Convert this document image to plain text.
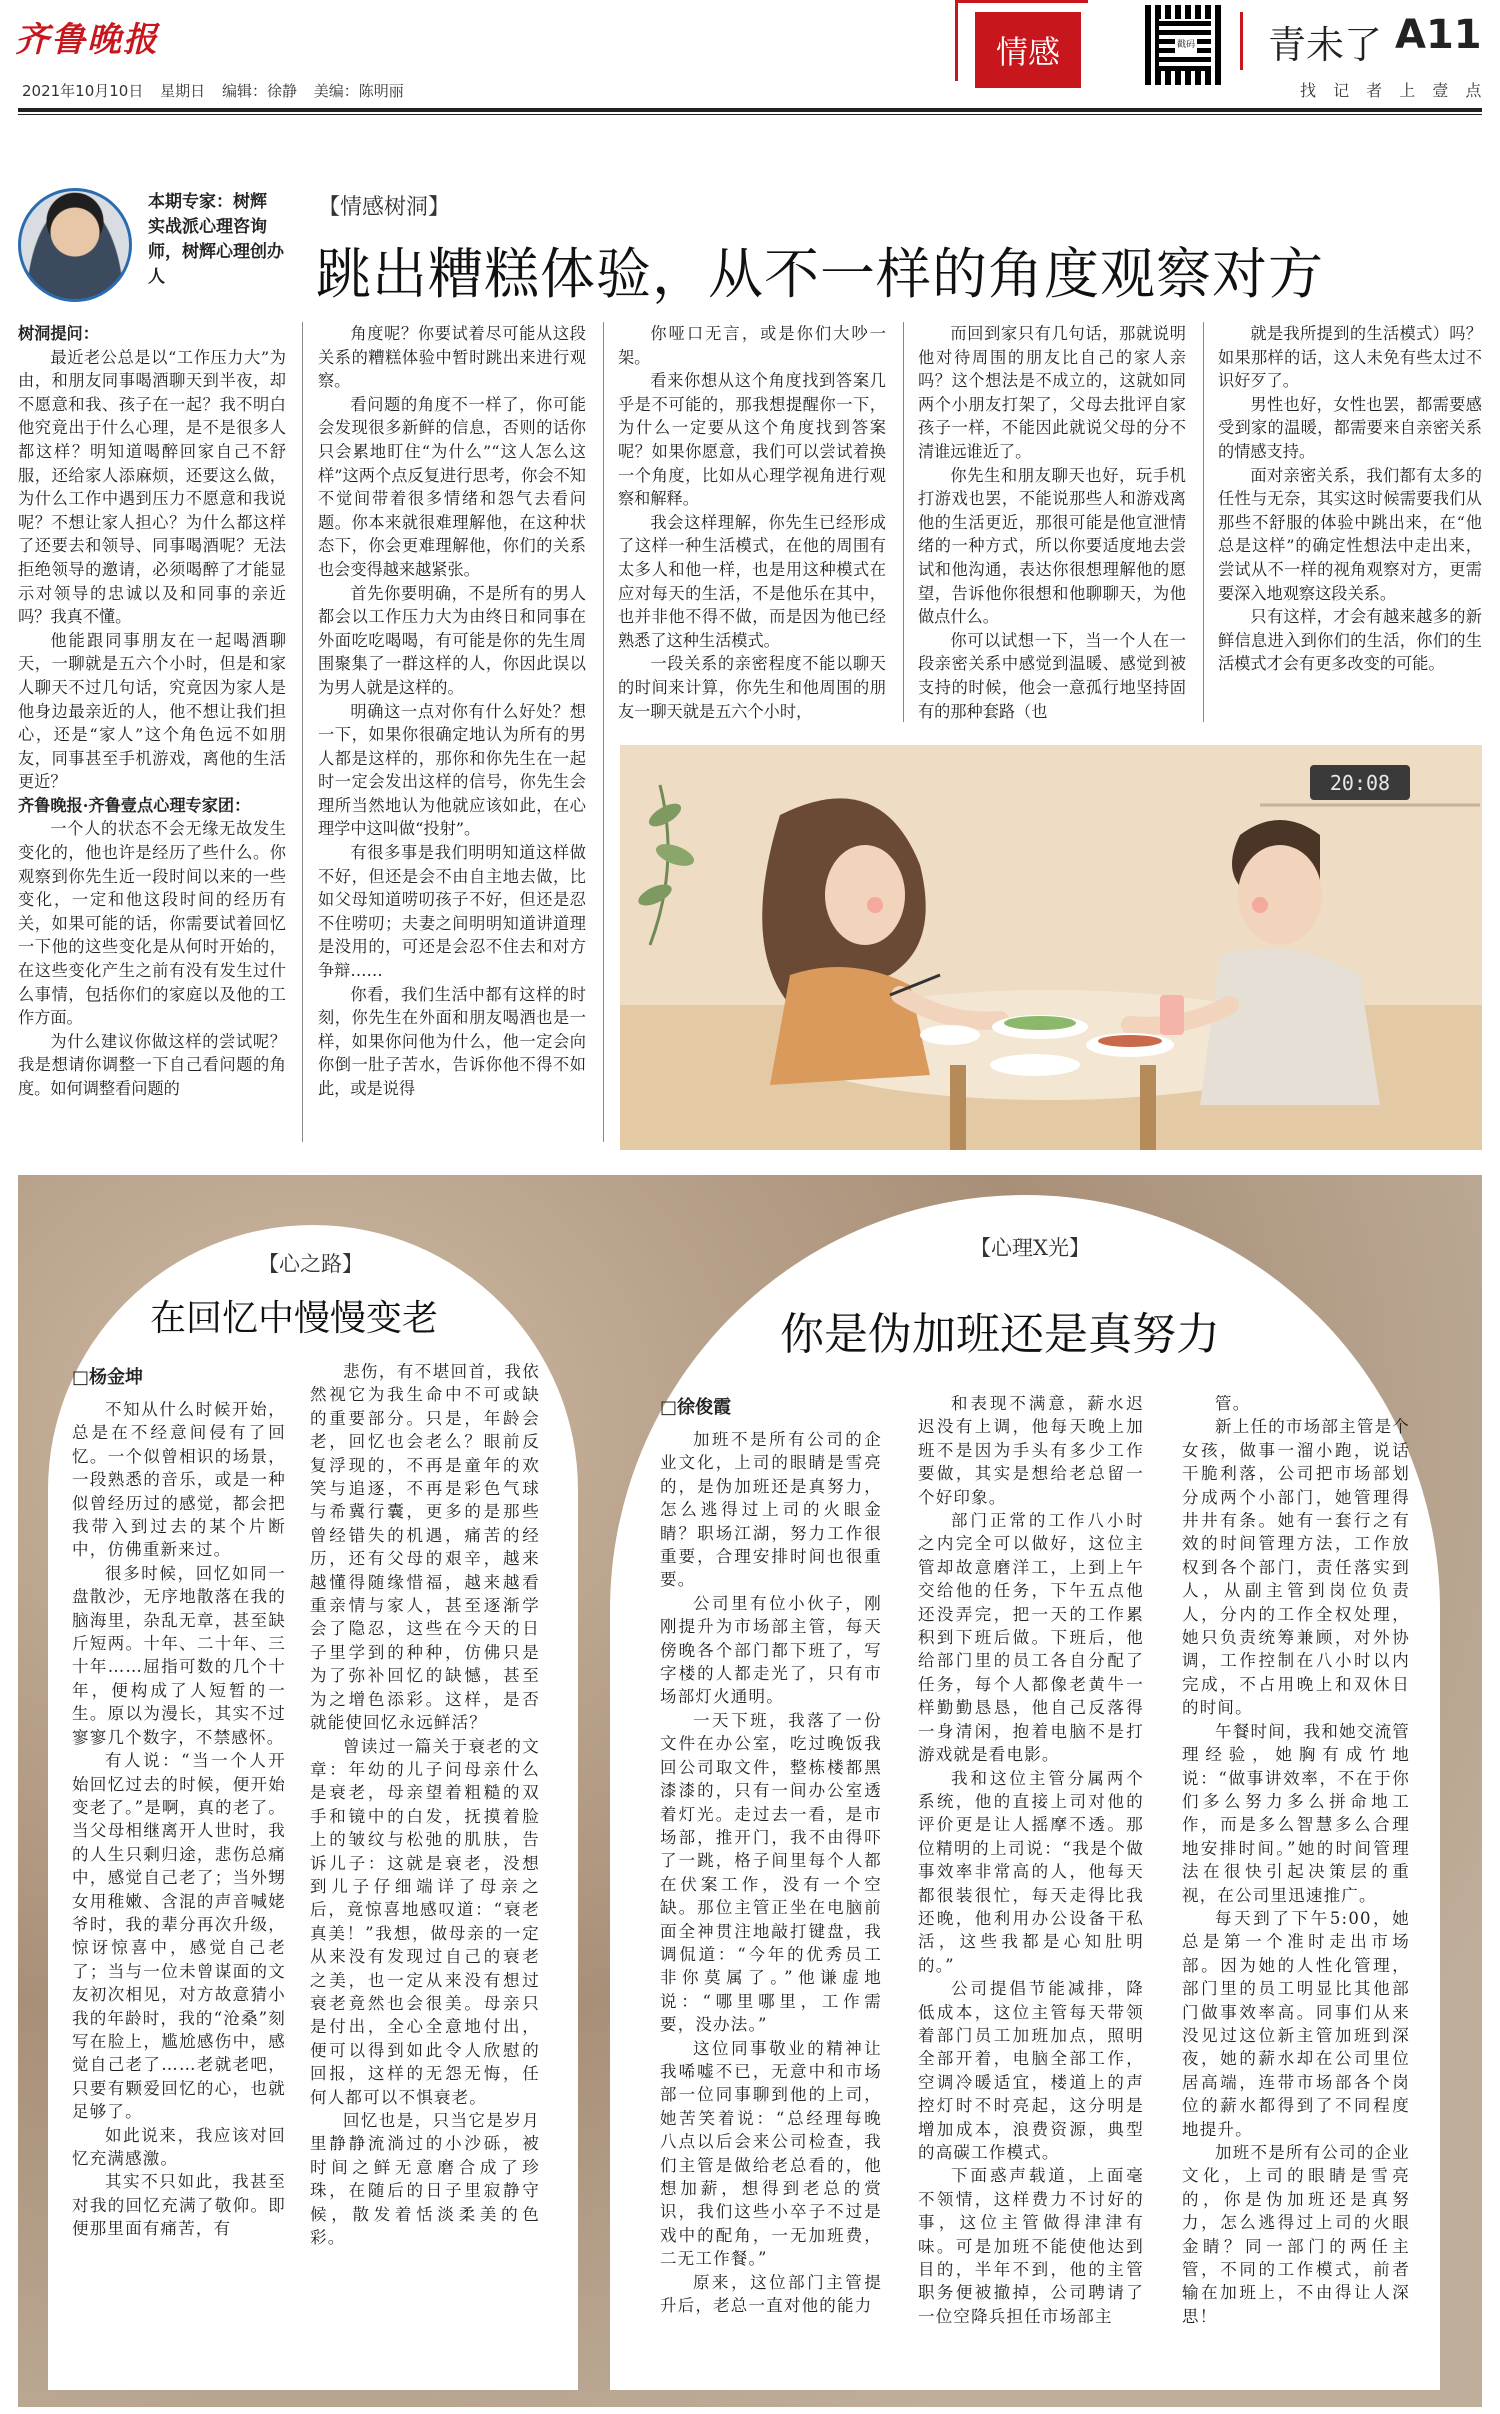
齐鲁晚报
2021年10月10日 星期日 编辑：徐静 美编：陈明丽
情感	戳码 青未了 A11
找 记 者 上 壹 点
本期专家：树辉 实战派心理咨询师，树辉心理创办人
【情感树洞】
跳出糟糕体验，从不一样的角度观察对方

树洞提问：

最近老公总是以“工作压力大”为由，和朋友同事喝酒聊天到半夜，却不愿意和我、孩子在一起？我不明白他究竟出于什么心理，是不是很多人都这样？明知道喝醉回家自己不舒服，还给家人添麻烦，还要这么做，为什么工作中遇到压力不愿意和我说呢？不想让家人担心？为什么都这样了还要去和领导、同事喝酒呢？无法拒绝领导的邀请，必须喝醉了才能显示对领导的忠诚以及和同事的亲近吗？我真不懂。

他能跟同事朋友在一起喝酒聊天，一聊就是五六个小时，但是和家人聊天不过几句话，究竟因为家人是他身边最亲近的人，他不想让我们担心，还是“家人”这个角色远不如朋友，同事甚至手机游戏，离他的生活更近？

齐鲁晚报·齐鲁壹点心理专家团：

一个人的状态不会无缘无故发生变化的，他也许是经历了些什么。你观察到你先生近一段时间以来的一些变化，一定和他这段时间的经历有关，如果可能的话，你需要试着回忆一下他的这些变化是从何时开始的，在这些变化产生之前有没有发生过什么事情，包括你们的家庭以及他的工作方面。

为什么建议你做这样的尝试呢？我是想请你调整一下自己看问题的角度。如何调整看问题的

角度呢？你要试着尽可能从这段关系的糟糕体验中暂时跳出来进行观察。

看问题的角度不一样了，你可能会发现很多新鲜的信息，否则的话你只会累地盯住“为什么”“这人怎么这样”这两个点反复进行思考，你会不知不觉间带着很多情绪和怨气去看问题。你本来就很难理解他，在这种状态下，你会更难理解他，你们的关系也会变得越来越紧张。

首先你要明确，不是所有的男人都会以工作压力大为由终日和同事在外面吃吃喝喝，有可能是你的先生周围聚集了一群这样的人，你因此误以为男人就是这样的。

明确这一点对你有什么好处？想一下，如果你很确定地认为所有的男人都是这样的，那你和你先生在一起时一定会发出这样的信号，你先生会理所当然地认为他就应该如此，在心理学中这叫做“投射”。

有很多事是我们明明知道这样做不好，但还是会不由自主地去做，比如父母知道唠叨孩子不好，但还是忍不住唠叨；夫妻之间明明知道讲道理是没用的，可还是会忍不住去和对方争辩……

你看，我们生活中都有这样的时刻，你先生在外面和朋友喝酒也是一样，如果你问他为什么，他一定会向你倒一肚子苦水，告诉你他不得不如此，或是说得

你哑口无言，或是你们大吵一架。

看来你想从这个角度找到答案几乎是不可能的，那我想提醒你一下，为什么一定要从这个角度找到答案呢？如果你愿意，我们可以尝试着换一个角度，比如从心理学视角进行观察和解释。

我会这样理解，你先生已经形成了这样一种生活模式，在他的周围有太多人和他一样，也是用这种模式在应对每天的生活，不是他乐在其中，也并非他不得不做，而是因为他已经熟悉了这种生活模式。

一段关系的亲密程度不能以聊天的时间来计算，你先生和他周围的朋友一聊天就是五六个小时，

而回到家只有几句话，那就说明他对待周围的朋友比自己的家人亲吗？这个想法是不成立的，这就如同两个小朋友打架了，父母去批评自家孩子一样，不能因此就说父母的分不清谁远谁近了。

你先生和朋友聊天也好，玩手机打游戏也罢，不能说那些人和游戏离他的生活更近，那很可能是他宣泄情绪的一种方式，所以你要适度地去尝试和他沟通，表达你很想理解他的愿望，告诉他你很想和他聊聊天，为他做点什么。

你可以试想一下，当一个人在一段亲密关系中感觉到温暖、感觉到被支持的时候，他会一意孤行地坚持固有的那种套路（也

就是我所提到的生活模式）吗？如果那样的话，这人未免有些太过不识好歹了。

男性也好，女性也罢，都需要感受到家的温暖，都需要来自亲密关系的情感支持。

面对亲密关系，我们都有太多的任性与无奈，其实这时候需要我们从那些不舒服的体验中跳出来，在“他总是这样”的确定性想法中走出来，尝试从不一样的视角观察对方，更需要深入地观察这段关系。

只有这样，才会有越来越多的新鲜信息进入到你们的生活，你们的生活模式才会有更多改变的可能。

20:08
【心之路】
在回忆中慢慢变老
□杨金坤

不知从什么时候开始，总是在不经意间侵有了回忆。一个似曾相识的场景，一段熟悉的音乐，或是一种似曾经历过的感觉，都会把我带入到过去的某个片断中，仿佛重新来过。

很多时候，回忆如同一盘散沙，无序地散落在我的脑海里，杂乱无章，甚至缺斤短两。十年、二十年、三十年……屈指可数的几个十年，便构成了人短暂的一生。原以为漫长，其实不过寥寥几个数字，不禁感怀。

有人说：“当一个人开始回忆过去的时候，便开始变老了。”是啊，真的老了。当父母相继离开人世时，我的人生只剩归途，悲伤总痛中，感觉自己老了；当外甥女用稚嫩、含混的声音喊姥爷时，我的辈分再次升级，惊讶惊喜中，感觉自己老了；当与一位未曾谋面的文友初次相见，对方故意猜小我的年龄时，我的“沧桑”刻写在脸上，尴尬感伤中，感觉自己老了……老就老吧，只要有颗爱回忆的心，也就足够了。

如此说来，我应该对回忆充满感激。

其实不只如此，我甚至对我的回忆充满了敬仰。即便那里面有痛苦，有

悲伤，有不堪回首，我依然视它为我生命中不可或缺的重要部分。只是，年龄会老，回忆也会老么？眼前反复浮现的，不再是童年的欢笑与追逐，不再是彩色气球与希冀行囊，更多的是那些曾经错失的机遇，痛苦的经历，还有父母的艰辛，越来越懂得随缘惜福，越来越看重亲情与家人，甚至逐渐学会了隐忍，这些在今天的日子里学到的种种，仿佛只是为了弥补回忆的缺憾，甚至为之增色添彩。这样，是否就能使回忆永远鲜活？

曾读过一篇关于衰老的文章：年幼的儿子问母亲什么是衰老，母亲望着粗糙的双手和镜中的白发，抚摸着脸上的皱纹与松弛的肌肤，告诉儿子：这就是衰老，没想到儿子仔细端详了母亲之后，竟惊喜地感叹道：“衰老真美！”我想，做母亲的一定从来没有发现过自己的衰老之美，也一定从来没有想过衰老竟然也会很美。母亲只是付出，全心全意地付出，便可以得到如此令人欣慰的回报，这样的无怨无悔，任何人都可以不惧衰老。

回忆也是，只当它是岁月里静静流淌过的小沙砾，被时间之鲜无意磨合成了珍珠，在随后的日子里寂静守候，散发着恬淡柔美的色彩。

【心理X光】
你是伪加班还是真努力
□徐俊霞

加班不是所有公司的企业文化，上司的眼睛是雪亮的，是伪加班还是真努力，怎么逃得过上司的火眼金睛？职场江湖，努力工作很重要，合理安排时间也很重要。

公司里有位小伙子，刚刚提升为市场部主管，每天傍晚各个部门都下班了，写字楼的人都走光了，只有市场部灯火通明。

一天下班，我落了一份文件在办公室，吃过晚饭我回公司取文件，整栋楼都黑漆漆的，只有一间办公室透着灯光。走过去一看，是市场部，推开门，我不由得吓了一跳，格子间里每个人都在伏案工作，没有一个空缺。那位主管正坐在电脑前面全神贯注地敲打键盘，我调侃道：“今年的优秀员工非你莫属了。”他谦虚地说：“哪里哪里，工作需要，没办法。”

这位同事敬业的精神让我唏嘘不已，无意中和市场部一位同事聊到他的上司，她苦笑着说：“总经理每晚八点以后会来公司检查，我们主管是做给老总看的，他想加薪，想得到老总的赏识，我们这些小卒子不过是戏中的配角，一无加班费，二无工作餐。”

原来，这位部门主管提升后，老总一直对他的能力

和表现不满意，薪水迟迟没有上调，他每天晚上加班不是因为手头有多少工作要做，其实是想给老总留一个好印象。

部门正常的工作八小时之内完全可以做好，这位主管却故意磨洋工，上到上午交给他的任务，下午五点他还没弄完，把一天的工作累积到下班后做。下班后，他给部门里的员工各自分配了任务，每个人都像老黄牛一样勤勤恳恳，他自己反落得一身清闲，抱着电脑不是打游戏就是看电影。

我和这位主管分属两个系统，他的直接上司对他的评价更是让人摇摩不透。那位精明的上司说：“我是个做事效率非常高的人，他每天都很装很忙，每天走得比我还晚，他利用办公设备干私活，这些我都是心知肚明的。”

公司提倡节能减排，降低成本，这位主管每天带领着部门员工加班加点，照明全部开着，电脑全部工作，空调冷暖适宜，楼道上的声控灯时不时亮起，这分明是增加成本，浪费资源，典型的高碳工作模式。

下面惑声载道，上面毫不领情，这样费力不讨好的事，这位主管做得津津有味。可是加班不能使他达到目的，半年不到，他的主管职务便被撤掉，公司聘请了一位空降兵担任市场部主

管。

新上任的市场部主管是个女孩，做事一溜小跑，说话干脆利落，公司把市场部划分成两个小部门，她管理得井井有条。她有一套行之有效的时间管理方法，工作放权到各个部门，责任落实到人，从副主管到岗位负责人，分内的工作全权处理，她只负责统筹兼顾，对外协调，工作控制在八小时以内完成，不占用晚上和双休日的时间。

午餐时间，我和她交流管理经验，她胸有成竹地说：“做事讲效率，不在于你们多么努力多么拼命地工作，而是多么智慧多么合理地安排时间。”她的时间管理法在很快引起决策层的重视，在公司里迅速推广。

每天到了下午5:00，她总是第一个准时走出市场部。因为她的人性化管理，部门里的员工明显比其他部门做事效率高。同事们从来没见过这位新主管加班到深夜，她的薪水却在公司里位居高端，连带市场部各个岗位的薪水都得到了不同程度地提升。

加班不是所有公司的企业文化，上司的眼睛是雪亮的，你是伪加班还是真努力，怎么逃得过上司的火眼金睛？同一部门的两任主管，不同的工作模式，前者输在加班上，不由得让人深思！
